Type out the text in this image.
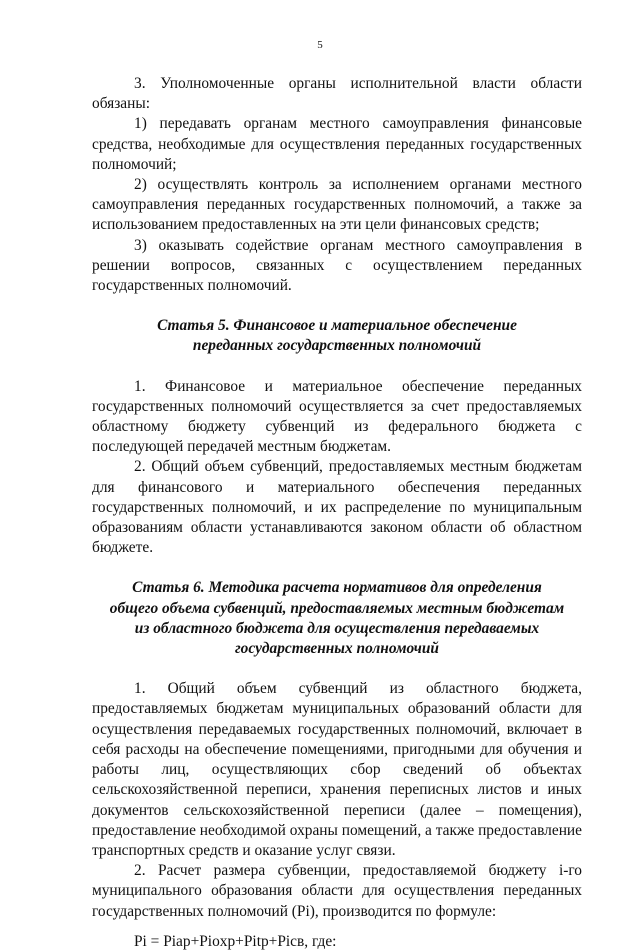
5

3. Уполномоченные органы исполнительной власти области обязаны:

1) передавать органам местного самоуправления финансовые средства, необходимые для осуществления переданных государственных полномочий;

2) осуществлять контроль за исполнением органами местного самоуправления переданных государственных полномочий, а также за использованием предоставленных на эти цели финансовых средств;

3) оказывать содействие органам местного самоуправления в решении вопросов, связанных с осуществлением переданных государственных полномочий.

Статья 5. Финансовое и материальное обеспечение
переданных государственных полномочий

1. Финансовое и материальное обеспечение переданных государственных полномочий осуществляется за счет предоставляемых областному бюджету субвенций из федерального бюджета с последующей передачей местным бюджетам.

2. Общий объем субвенций, предоставляемых местным бюджетам для финансового и материального обеспечения переданных государственных полномочий, и их распределение по муниципальным образованиям области устанавливаются законом области об областном бюджете.

Статья 6. Методика расчета нормативов для определения
общего объема субвенций, предоставляемых местным бюджетам
из областного бюджета для осуществления передаваемых
государственных полномочий

1. Общий объем субвенций из областного бюджета, предоставляемых бюджетам муниципальных образований области для осуществления передаваемых государственных полномочий, включает в себя расходы на обеспечение помещениями, пригодными для обучения и работы лиц, осуществляющих сбор сведений об объектах сельскохозяйственной переписи, хранения переписных листов и иных документов сельскохозяйственной переписи (далее – помещения), предоставление необходимой охраны помещений, а также предоставление транспортных средств и оказание услуг связи.

2. Расчет размера субвенции, предоставляемой бюджету i-го муниципального образования области для осуществления переданных государственных полномочий (Pi), производится по формуле:

Pi = Piap+Pioxp+Pitp+Picв, где:
